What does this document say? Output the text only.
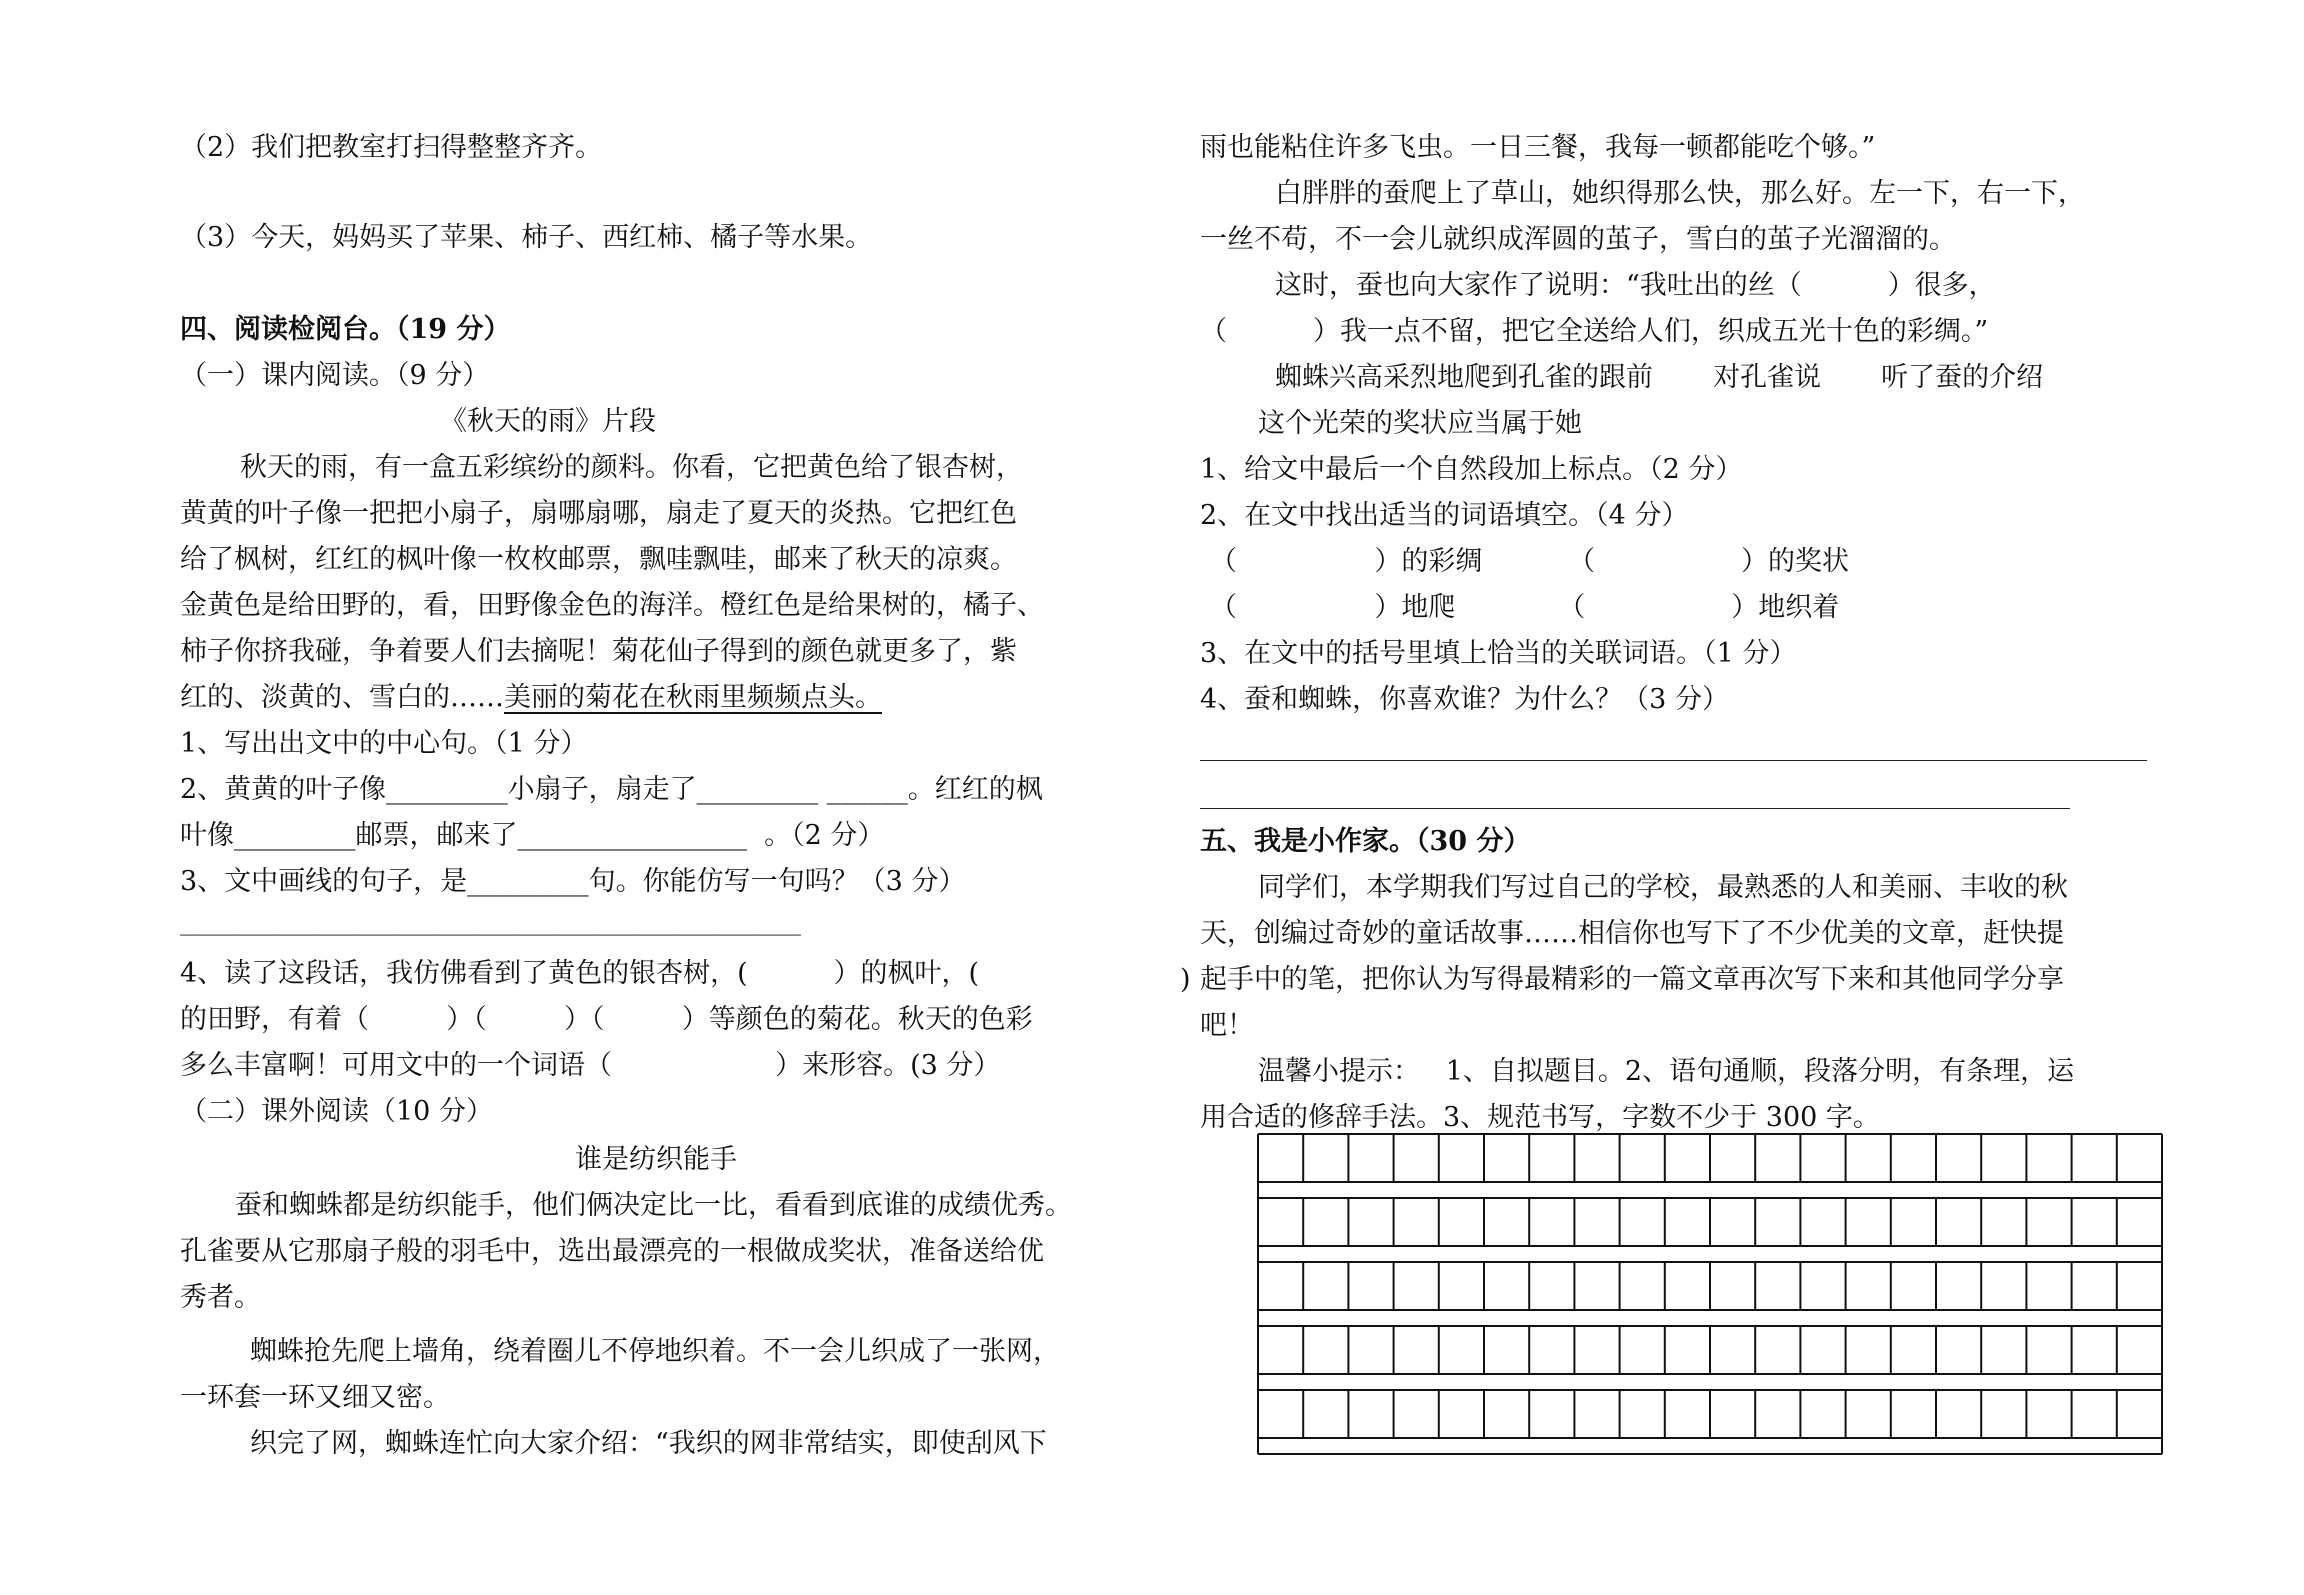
（2）我们把教室打扫得整整齐齐。
（3）今天，妈妈买了苹果、柿子、西红柿、橘子等水果。
四、阅读检阅台。（19 分）
（一）课内阅读。（9 分）
《秋天的雨》片段
秋天的雨，有一盒五彩缤纷的颜料。你看，它把黄色给了银杏树，
黄黄的叶子像一把把小扇子，扇哪扇哪，扇走了夏天的炎热。它把红色
给了枫树，红红的枫叶像一枚枚邮票，飘哇飘哇，邮来了秋天的凉爽。
金黄色是给田野的，看，田野像金色的海洋。橙红色是给果树的，橘子、
柿子你挤我碰，争着要人们去摘呢！菊花仙子得到的颜色就更多了，紫
红的、淡黄的、雪白的……美丽的菊花在秋雨里频频点头。
1、写出出文中的中心句。（1 分）
2、黄黄的叶子像_________小扇子，扇走了_________ ______。红红的枫
叶像_________邮票，邮来了_________________  。（2 分）
3、文中画线的句子，是_________句。你能仿写一句吗？（3 分）
______________________________________________________________
4、读了这段话，我仿佛看到了黄色的银杏树，(          ）的枫叶，(
的田野，有着（         ）（         ）（         ）等颜色的菊花。秋天的色彩
多么丰富啊！可用文中的一个词语（                   ）来形容。(3 分）
（二）课外阅读（10 分）
谁是纺织能手
蚕和蜘蛛都是纺织能手，他们俩决定比一比，看看到底谁的成绩优秀。
孔雀要从它那扇子般的羽毛中，选出最漂亮的一根做成奖状，准备送给优
秀者。
蜘蛛抢先爬上墙角，绕着圈儿不停地织着。不一会儿织成了一张网，
一环套一环又细又密。
织完了网，蜘蛛连忙向大家介绍：“我织的网非常结实，即使刮风下
雨也能粘住许多飞虫。一日三餐，我每一顿都能吃个够。”
白胖胖的蚕爬上了草山，她织得那么快，那么好。左一下，右一下，
一丝不苟，不一会儿就织成浑圆的茧子，雪白的茧子光溜溜的。
这时，蚕也向大家作了说明：“我吐出的丝（          ）很多，
（          ）我一点不留，把它全送给人们，织成五光十色的彩绸。”
蜘蛛兴高采烈地爬到孔雀的跟前       对孔雀说       听了蚕的介绍
这个光荣的奖状应当属于她
1、给文中最后一个自然段加上标点。（2 分）
2、在文中找出适当的词语填空。（4 分）
（                ）的彩绸          （                 ）的奖状
（                ）地爬            （                 ）地织着
3、在文中的括号里填上恰当的关联词语。（1 分）
4、蚕和蜘蛛，你喜欢谁？为什么？（3 分）
五、我是小作家。（30 分）
同学们，本学期我们写过自己的学校，最熟悉的人和美丽、丰收的秋
天，创编过奇妙的童话故事……相信你也写下了不少优美的文章，赶快提
) 起手中的笔，把你认为写得最精彩的一篇文章再次写下来和其他同学分享
吧！
温馨小提示：   1、自拟题目。2、语句通顺，段落分明，有条理，运
用合适的修辞手法。3、规范书写，字数不少于 300 字。
